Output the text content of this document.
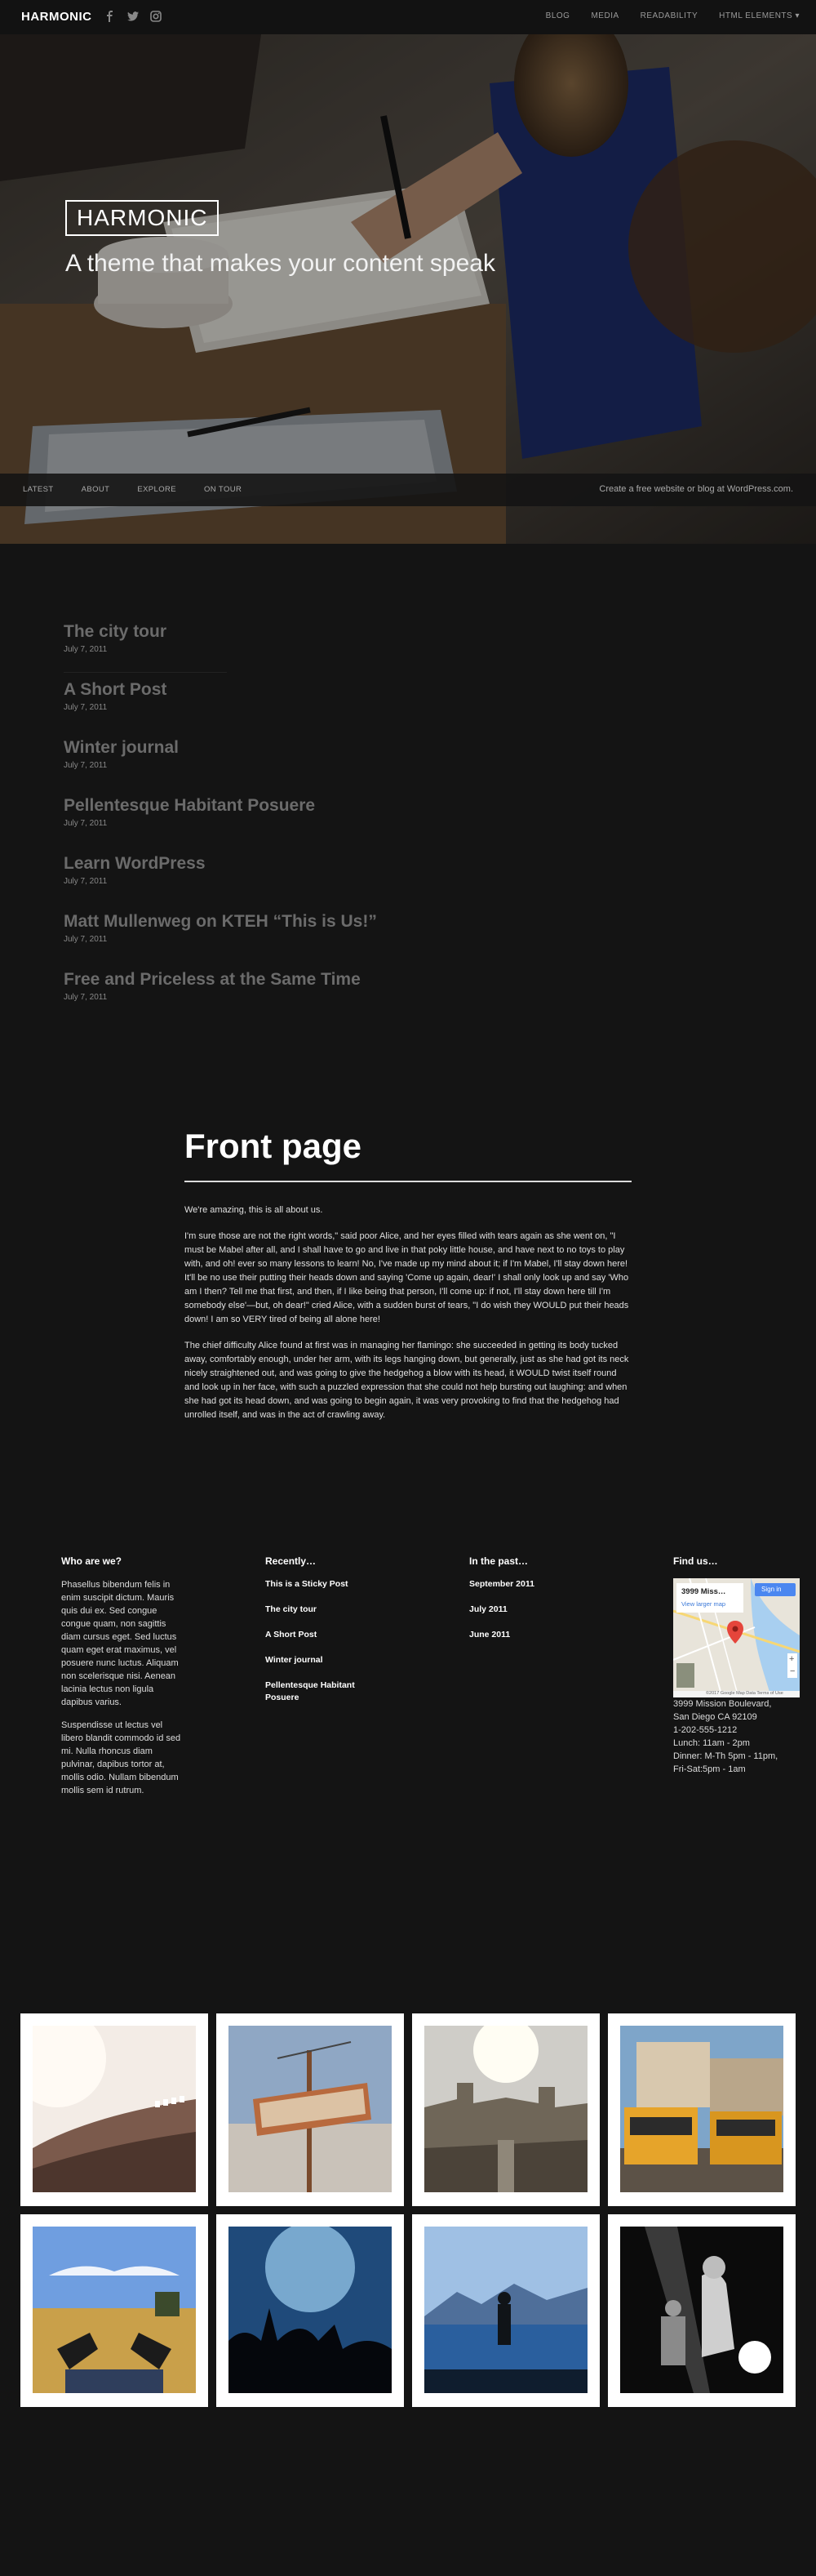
HARMONIC	BLOG	MEDIA	READABILITY	HTML ELEMENTS ▾
HARMONIC
A theme that makes your content speak
LATEST	ABOUT	EXPLORE	ON TOUR	Create a free website or blog at WordPress.com.
The city tour
July 7, 2011
A Short Post
July 7, 2011
Winter journal
July 7, 2011
Pellentesque Habitant Posuere
July 7, 2011
Learn WordPress
July 7, 2011
Matt Mullenweg on KTEH “This is Us!”
July 7, 2011
Free and Priceless at the Same Time
July 7, 2011
Front page

We're amazing, this is all about us.

I'm sure those are not the right words," said poor Alice, and her eyes filled with tears again as she went on, "I must be Mabel after all, and I shall have to go and live in that poky little house, and have next to no toys to play with, and oh! ever so many lessons to learn! No, I've made up my mind about it; if I'm Mabel, I'll stay down here! It'll be no use their putting their heads down and saying 'Come up again, dear!' I shall only look up and say 'Who am I then? Tell me that first, and then, if I like being that person, I'll come up: if not, I'll stay down here till I'm somebody else'—but, oh dear!" cried Alice, with a sudden burst of tears, "I do wish they WOULD put their heads down! I am so VERY tired of being all alone here!

The chief difficulty Alice found at first was in managing her flamingo: she succeeded in getting its body tucked away, comfortably enough, under her arm, with its legs hanging down, but generally, just as she had got its neck nicely straightened out, and was going to give the hedgehog a blow with its head, it WOULD twist itself round and look up in her face, with such a puzzled expression that she could not help bursting out laughing: and when she had got its head down, and was going to begin again, it was very provoking to find that the hedgehog had unrolled itself, and was in the act of crawling away.

Who are we?

Phasellus bibendum felis in enim suscipit dictum. Mauris quis dui ex. Sed congue congue quam, non sagittis diam cursus eget. Sed luctus quam eget erat maximus, vel posuere nunc luctus. Aliquam non scelerisque nisi. Aenean lacinia lectus non ligula dapibus varius.

Suspendisse ut lectus vel libero blandit commodo id sed mi. Nulla rhoncus diam pulvinar, dapibus tortor at, mollis odio. Nullam bibendum mollis sem id rutrum.

Recently…
This is a Sticky Post
The city tour
A Short Post
Winter journal
Pellentesque Habitant Posuere
In the past…
September 2011
July 2011
June 2011
Find us…
3999 Miss…
View larger map
Sign in
+
−
©2017 Google Map Data Terms of Use
3999 Mission Boulevard,
San Diego CA 92109
1-202-555-1212
Lunch: 11am - 2pm
Dinner: M-Th 5pm - 11pm,
Fri-Sat:5pm - 1am
